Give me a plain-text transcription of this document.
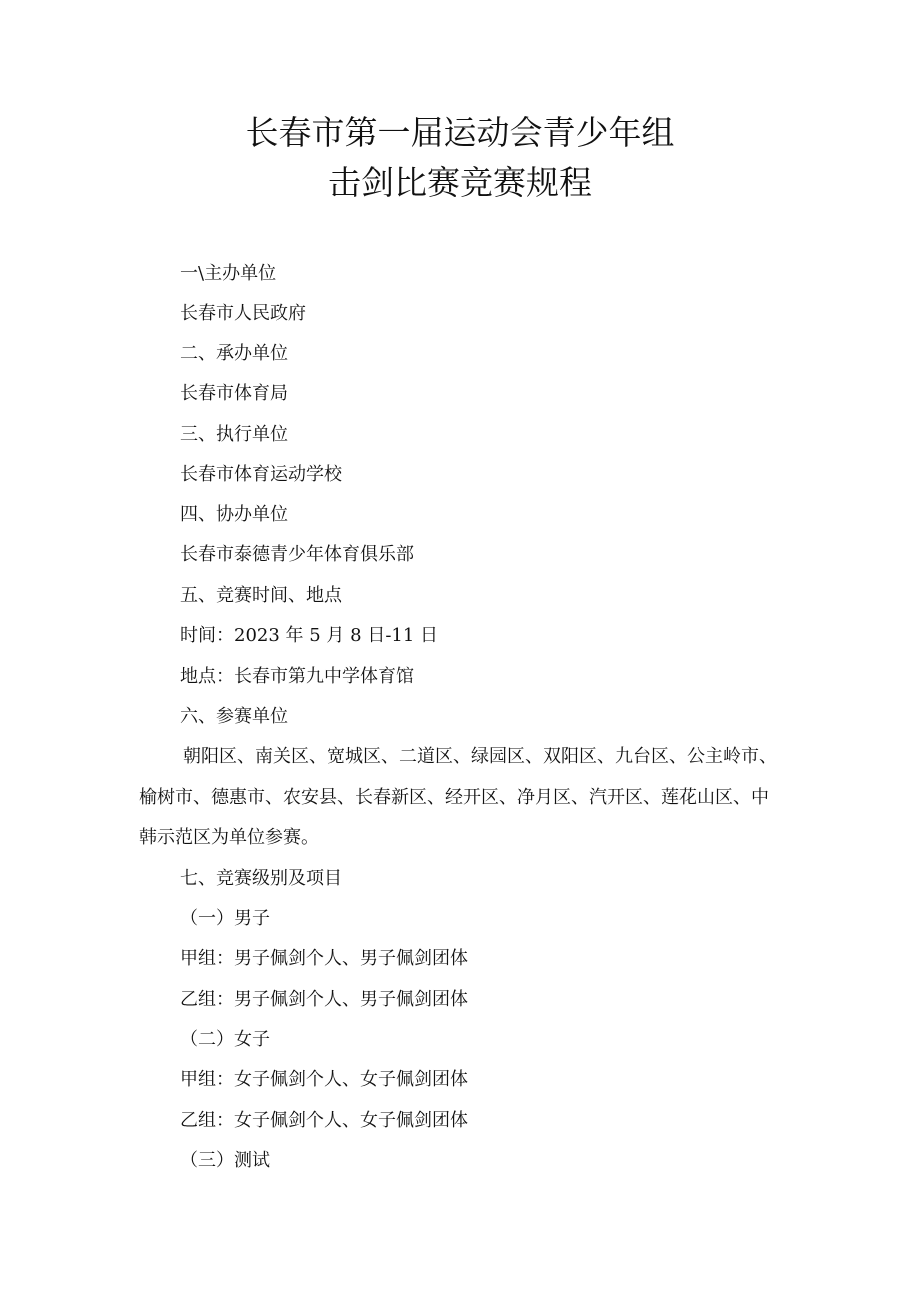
长春市第一届运动会青少年组
击剑比赛竞赛规程
一\主办单位
长春市人民政府
二、承办单位
长春市体育局
三、执行单位
长春市体育运动学校
四、协办单位
长春市泰德青少年体育俱乐部
五、竞赛时间、地点
时间：2023 年 5 月 8 日-11 日
地点：长春市第九中学体育馆
六、参赛单位
朝阳区、南关区、宽城区、二道区、绿园区、双阳区、九台区、公主岭市、
榆树市、德惠市、农安县、长春新区、经开区、净月区、汽开区、莲花山区、中
韩示范区为单位参赛。
七、竞赛级别及项目
（一）男子
甲组：男子佩剑个人、男子佩剑团体
乙组：男子佩剑个人、男子佩剑团体
（二）女子
甲组：女子佩剑个人、女子佩剑团体
乙组：女子佩剑个人、女子佩剑团体
（三）测试
